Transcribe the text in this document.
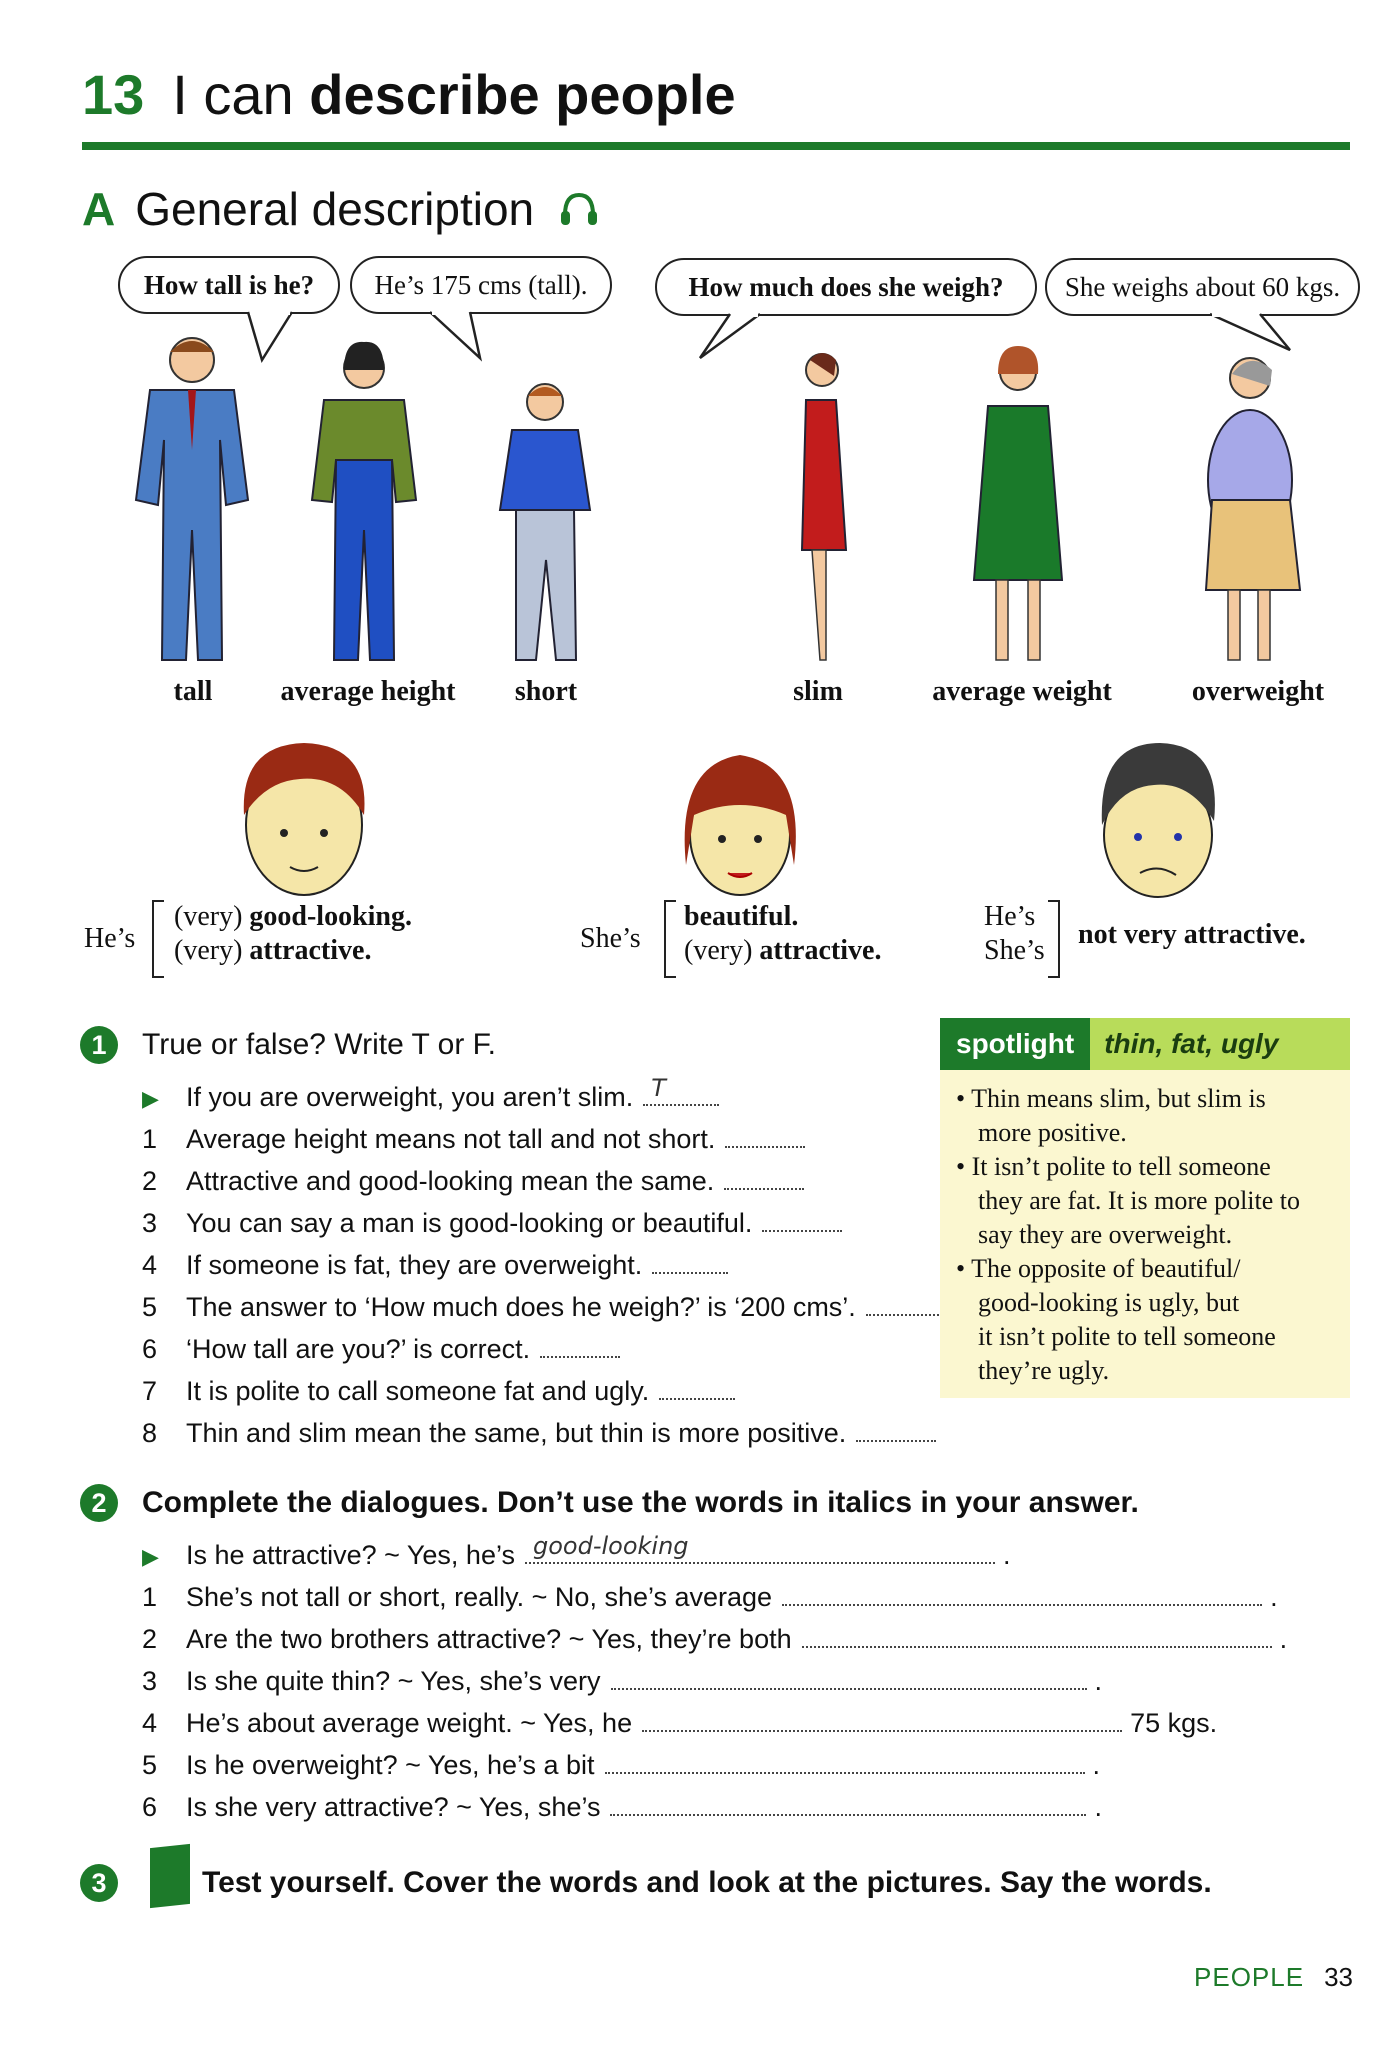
13 I can describe people
A General description
How tall is he? He’s 175 cms (tall).	How much does she weigh? She weighs about 60 kgs.
tall average height short	slim	average weight	overweight
He’s
(very) good-looking.
(very) attractive.	She’s
beautiful.
(very) attractive.
He’s
She’s
not very attractive.
1	True or false? Write T or F.
▶	If you are overweight, you aren’t slim. T
1	Average height means not tall and not short.
2	Attractive and good-looking mean the same.
3	You can say a man is good-looking or beautiful.
4	If someone is fat, they are overweight.
5	The answer to ‘How much does he weigh?’ is ‘200 cms’.
6	‘How tall are you?’ is correct.
7	It is polite to call someone fat and ugly.
8	Thin and slim mean the same, but thin is more positive.
spotlight	thin, fat, ugly
• Thin means slim, but slim is
more positive.
• It isn’t polite to tell someone
they are fat. It is more polite to
say they are overweight.
• The opposite of beautiful/
good-looking is ugly, but
it isn’t polite to tell someone
they’re ugly.
2	Complete the dialogues. Don’t use the words in italics in your answer.
▶	Is he attractive? ~ Yes, he’s good-looking	.
1	She’s not tall or short, really. ~ No, she’s average	.
2	Are the two brothers attractive? ~ Yes, they’re both	.
3	Is she quite thin? ~ Yes, she’s very	.
4	He’s about average weight. ~ Yes, he	75 kgs.
5	Is he overweight? ~ Yes, he’s a bit	.
6	Is she very attractive? ~ Yes, she’s	.
3	Test yourself. Cover the words and look at the pictures. Say the words.
PEOPLE 33
